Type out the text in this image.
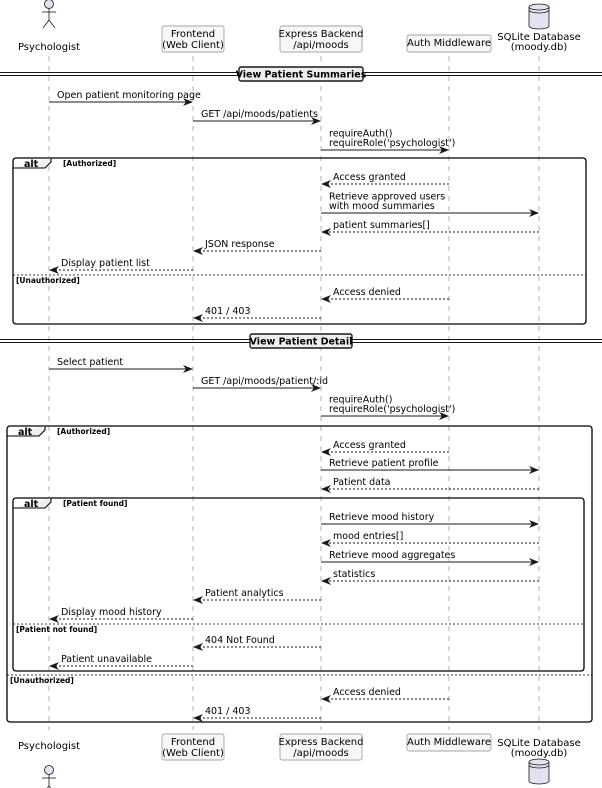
alt	[Authorized]
[Unauthorized]
alt	[Authorized]
[Unauthorized]
alt	[Patient found]
[Patient not found]
View Patient Summaries
View Patient Detail
Open patient monitoring page
GET /api/moods/patients
requireAuth()
requireRole('psychologist')
Access granted
Retrieve approved users
with mood summaries
patient summaries[]
JSON response
Display patient list
Access denied
401 / 403
Select patient
GET /api/moods/patient/:id
requireAuth()
requireRole('psychologist')
Access granted
Retrieve patient profile
Patient data
Retrieve mood history
mood entries[]
Retrieve mood aggregates
statistics
Patient analytics
Display mood history
404 Not Found
Patient unavailable
Access denied
401 / 403
Psychologist
Psychologist
Frontend
(Web Client)
Frontend
(Web Client)
Express Backend
/api/moods
Express Backend
/api/moods
Auth Middleware
Auth Middleware
SQLite Database
(moody.db)
SQLite Database
(moody.db)
